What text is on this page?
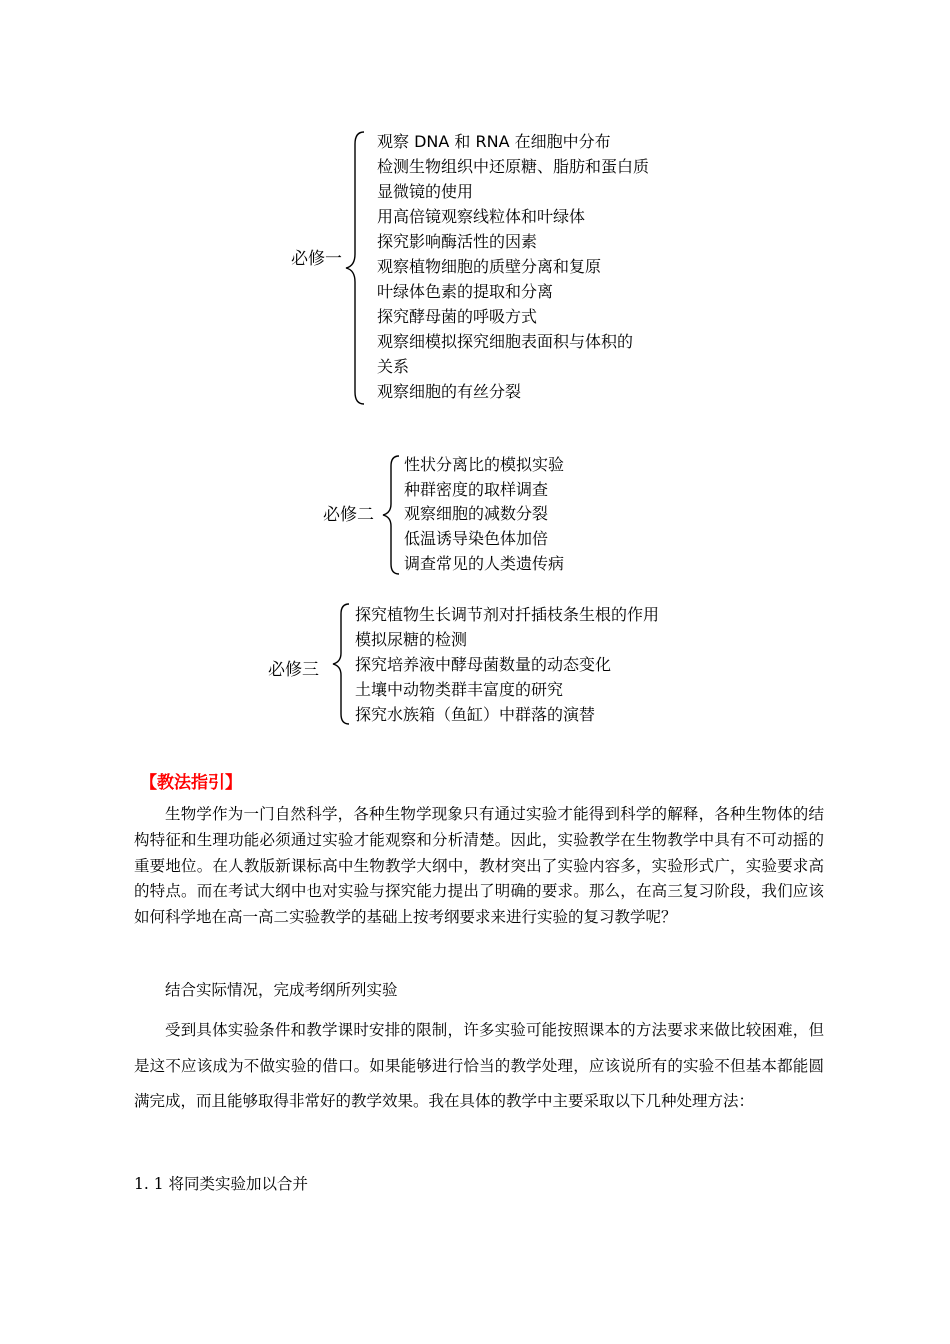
必修一
观察 DNA 和 RNA 在细胞中分布
检测生物组织中还原糖、脂肪和蛋白质
显微镜的使用
用高倍镜观察线粒体和叶绿体
探究影响酶活性的因素
观察植物细胞的质壁分离和复原
叶绿体色素的提取和分离
探究酵母菌的呼吸方式
观察细模拟探究细胞表面积与体积的
关系
观察细胞的有丝分裂
必修二
性状分离比的模拟实验
种群密度的取样调查
观察细胞的减数分裂
低温诱导染色体加倍
调查常见的人类遗传病
必修三
探究植物生长调节剂对扦插枝条生根的作用
模拟尿糖的检测
探究培养液中酵母菌数量的动态变化
土壤中动物类群丰富度的研究
探究水族箱（鱼缸）中群落的演替
【教法指引】

生物学作为一门自然科学，各种生物学现象只有通过实验才能得到科学的解释，各种生物体的结构特征和生理功能必须通过实验才能观察和分析清楚。因此，实验教学在生物教学中具有不可动摇的重要地位。在人教版新课标高中生物教学大纲中，教材突出了实验内容多，实验形式广，实验要求高的特点。而在考试大纲中也对实验与探究能力提出了明确的要求。那么，在高三复习阶段，我们应该如何科学地在高一高二实验教学的基础上按考纲要求来进行实验的复习教学呢？

结合实际情况，完成考纲所列实验

受到具体实验条件和教学课时安排的限制，许多实验可能按照课本的方法要求来做比较困难，但是这不应该成为不做实验的借口。如果能够进行恰当的教学处理，应该说所有的实验不但基本都能圆满完成，而且能够取得非常好的教学效果。我在具体的教学中主要采取以下几种处理方法：

1. 1 将同类实验加以合并
